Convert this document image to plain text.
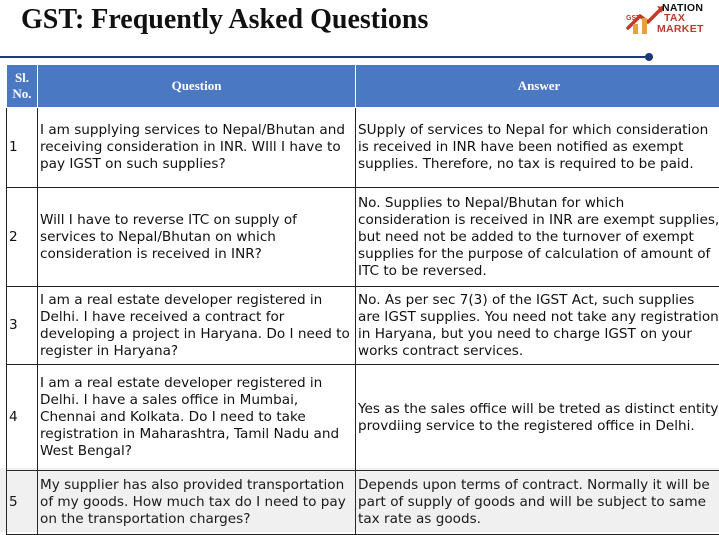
GST: Frequently Asked Questions	GST
NATION
TAX
MARKET
Sl.
No.	Question	Answer
1	I am supplying services to Nepal/Bhutan and receiving consideration in INR. WIll I have to pay IGST on such supplies?	SUpply of services to Nepal for which consideration is received in INR have been notified as exempt supplies. Therefore, no tax is required to be paid.
2	Will I have to reverse ITC on supply of services to Nepal/Bhutan on which consideration is received in INR?	No. Supplies to Nepal/Bhutan for which consideration is received in INR are exempt supplies, but need not be added to the turnover of exempt supplies for the purpose of calculation of amount of ITC to be reversed.
3	I am a real estate developer registered in Delhi. I have received a contract for developing a project in Haryana. Do I need to register in Haryana?	No. As per sec 7(3) of the IGST Act, such supplies are IGST supplies. You need not take any registration in Haryana, but you need to charge IGST on your works contract services.
4	I am a real estate developer registered in Delhi. I have a sales office in Mumbai, Chennai and Kolkata. Do I need to take registration in Maharashtra, Tamil Nadu and West Bengal?	Yes as the sales office will be treted as distinct entity provdiing service to the registered office in Delhi.
5	My supplier has also provided transportation of my goods. How much tax do I need to pay on the transportation charges?	Depends upon terms of contract. Normally it will be part of supply of goods and will be subject to same tax rate as goods.
